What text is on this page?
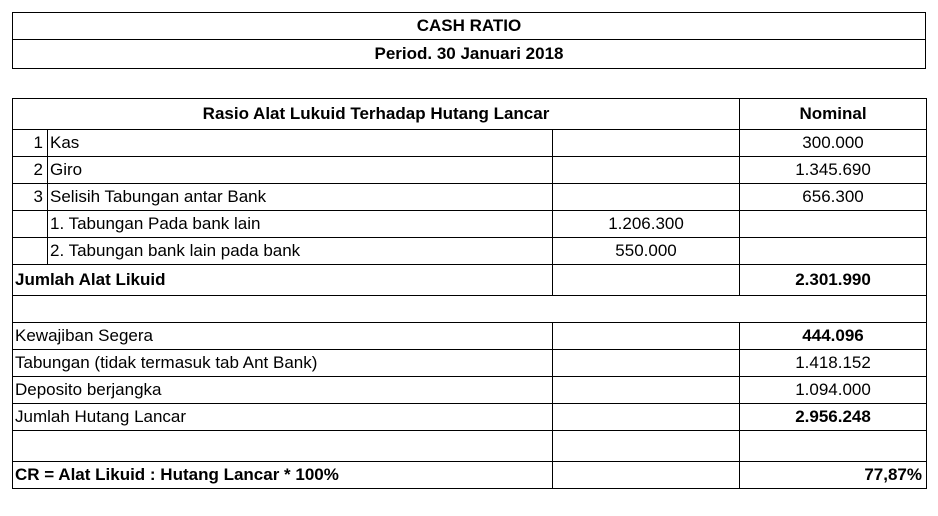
CASH RATIO
Period. 30 Januari 2018
Rasio Alat Lukuid Terhadap Hutang Lancar			Nominal
1	Kas		300.000
2	Giro		1.345.690
3	Selisih Tabungan antar Bank		656.300
	1. Tabungan Pada bank lain	1.206.300	
	2. Tabungan bank lain pada bank	550.000	
Jumlah Alat Likuid			2.301.990

Kewajiban Segera			444.096
Tabungan (tidak termasuk tab Ant Bank)			1.418.152
Deposito berjangka			1.094.000
Jumlah Hutang Lancar			2.956.248

CR = Alat Likuid : Hutang Lancar * 100%			77,87%
